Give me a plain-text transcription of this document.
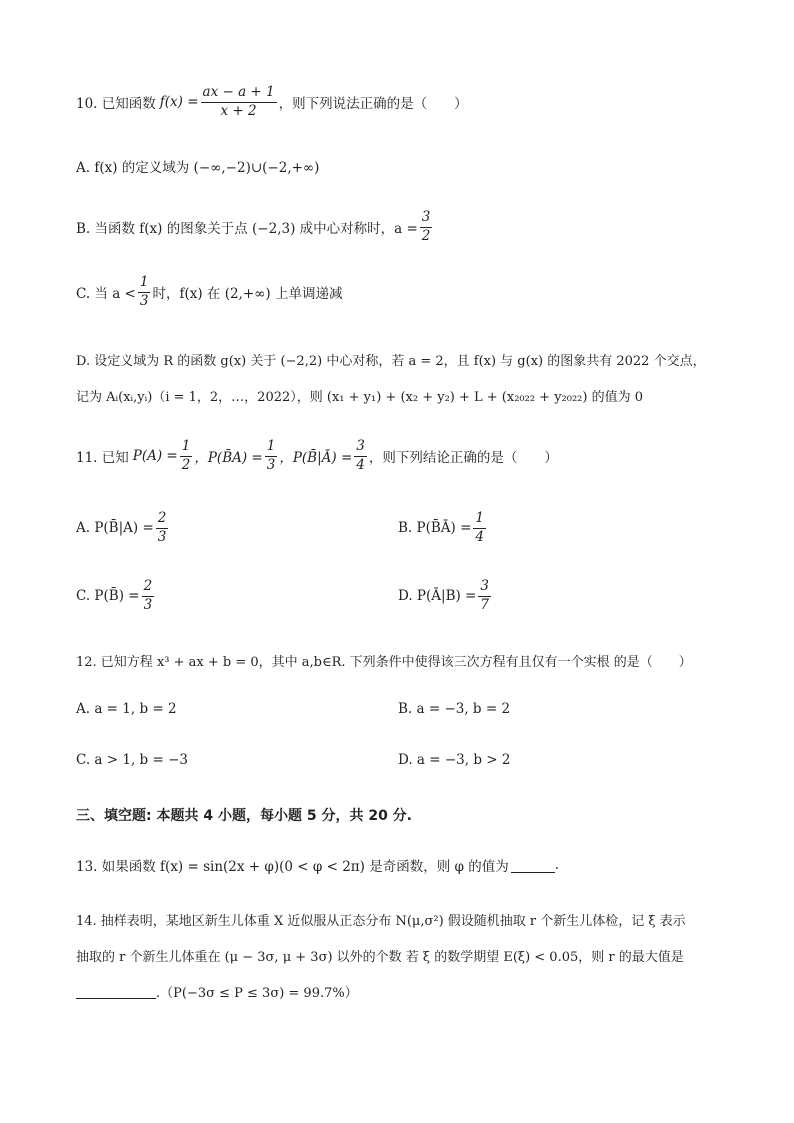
10. 已知函数 $f(x) = \frac{ax - a + 1}{x + 2}$ ，则下列说法正确的是（　　）
A. f(x) 的定义域为 (−∞,−2)∪(−2,+∞)
B. 当函数 f(x) 的图象关于点 (−2,3) 成中心对称时，$a = \frac{3}{2}$
C. 当 $a < \frac{1}{3}$ 时，f(x) 在 (2,+∞) 上单调递减
D. 设定义域为 R 的函数 g(x) 关于 (−2,2) 中心对称，若 a = 2，且 f(x) 与 g(x) 的图象共有 2022 个交点，
记为 Aᵢ(xᵢ,yᵢ)（i = 1，2，…，2022），则 (x₁ + y₁) + (x₂ + y₂) + L + (x₂₀₂₂ + y₂₀₂₂) 的值为 0
11. 已知 $P(A) = \frac{1}{2}$ ，P(B̄A) = $\frac{1}{3}$ ，P(B̄|Ā) = $\frac{3}{4}$ ，则下列结论正确的是（　　）
A. P(B̄|A) = $\frac{2}{3}$	B. P(B̄Ā) = $\frac{1}{4}$
C. P(B̄) = $\frac{2}{3}$	D. P(Ā|B) = $\frac{3}{7}$
12. 已知方程 x³ + ax + b = 0，其中 a,b∈R. 下列条件中使得该三次方程有且仅有一个实根 的是（　　）
A. a = 1, b = 2	B. a = −3, b = 2
C. a > 1, b = −3	D. a = −3, b > 2
三、填空题: 本题共 4 小题，每小题 5 分，共 20 分.
13. 如果函数 f(x) = sin(2x + φ)(0 < φ < 2π) 是奇函数，则 φ 的值为	.
14. 抽样表明，某地区新生儿体重 X 近似服从正态分布 N(μ,σ²) 假设随机抽取 r 个新生儿体检，记 ξ 表示
抽取的 r 个新生儿体重在 (μ − 3σ, μ + 3σ) 以外的个数 若 ξ 的数学期望 E(ξ) < 0.05，则 r 的最大值是
.（P(−3σ ≤ P ≤ 3σ) = 99.7%）
